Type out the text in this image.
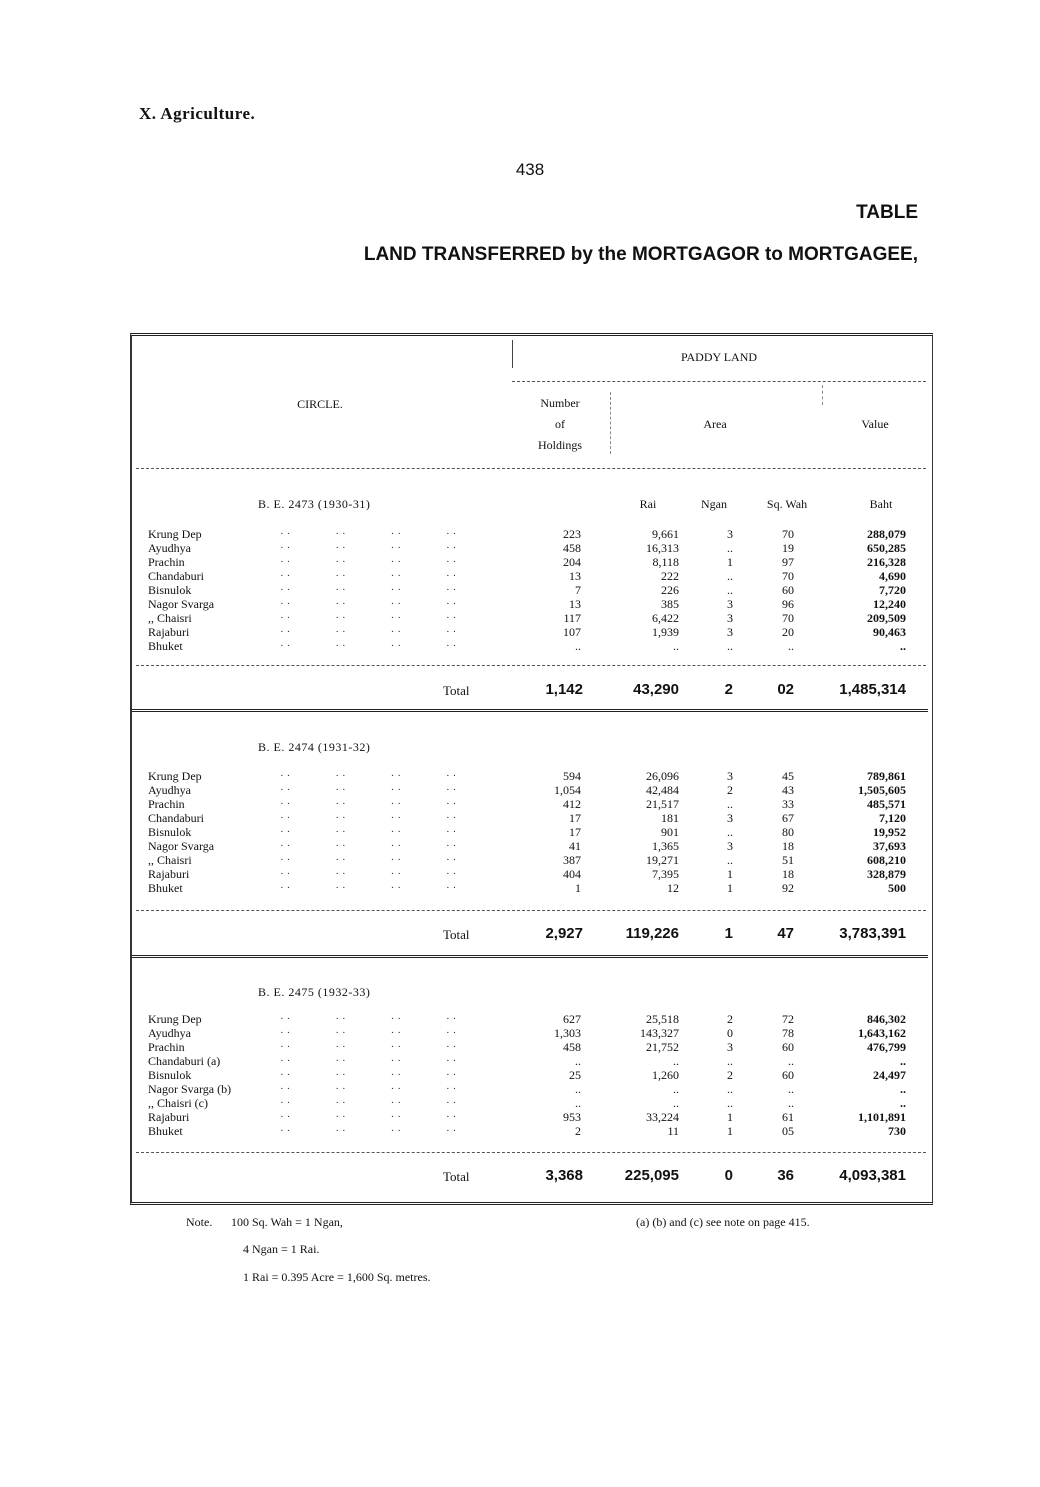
X. Agriculture.
438
TABLE
LAND TRANSFERRED by the MORTGAGOR to MORTGAGEE,
PADDY LAND
CIRCLE.	Number
of
Holdings
Area	Value
B. E. 2473 (1930-31)	Rai	Ngan	Sq. Wah	Baht
Krung Dep	223	9,661	3	70	288,079
··   ··   ··   ··
Ayudhya	458	16,313	..	19	650,285
··   ··   ··   ··
Prachin	204	8,118	1	97	216,328
··   ··   ··   ··
Chandaburi	13	222	..	70	4,690
··   ··   ··   ··
Bisnulok	7	226	..	60	7,720
··   ··   ··   ··
Nagor Svarga	13	385	3	96	12,240
··   ··   ··   ··
,, Chaisri	117	6,422	3	70	209,509
··   ··   ··   ··
Rajaburi	107	1,939	3	20	90,463
··   ··   ··   ··
Bhuket	..	..	..	..	..
··   ··   ··   ··
Total	1,142	43,290	2	02	1,485,314
B. E. 2474 (1931-32)
Krung Dep	594	26,096	3	45	789,861
··   ··   ··   ··
Ayudhya	1,054	42,484	2	43	1,505,605
··   ··   ··   ··
Prachin	412	21,517	..	33	485,571
··   ··   ··   ··
Chandaburi	17	181	3	67	7,120
··   ··   ··   ··
Bisnulok	17	901	..	80	19,952
··   ··   ··   ··
Nagor Svarga	41	1,365	3	18	37,693
··   ··   ··   ··
,, Chaisri	387	19,271	..	51	608,210
··   ··   ··   ··
Rajaburi	404	7,395	1	18	328,879
··   ··   ··   ··
Bhuket	1	12	1	92	500
··   ··   ··   ··
Total	2,927	119,226	1	47	3,783,391
B. E. 2475 (1932-33)
Krung Dep	627	25,518	2	72	846,302
··   ··   ··   ··
Ayudhya	1,303	143,327	0	78	1,643,162
··   ··   ··   ··
Prachin	458	21,752	3	60	476,799
··   ··   ··   ··
Chandaburi (a)	..	..	..	..	..
··   ··   ··   ··
Bisnulok	25	1,260	2	60	24,497
··   ··   ··   ··
Nagor Svarga (b)	..	..	..	..	..
··   ··   ··   ··
,, Chaisri (c)	..	..	..	..	..
··   ··   ··   ··
Rajaburi	953	33,224	1	61	1,101,891
··   ··   ··   ··
Bhuket	2	11	1	05	730
··   ··   ··   ··
Total	3,368	225,095	0	36	4,093,381
Note. 100 Sq. Wah = 1 Ngan,
4 Ngan = 1 Rai.
1 Rai = 0.395 Acre = 1,600 Sq. metres.
(a) (b) and (c) see note on page 415.
